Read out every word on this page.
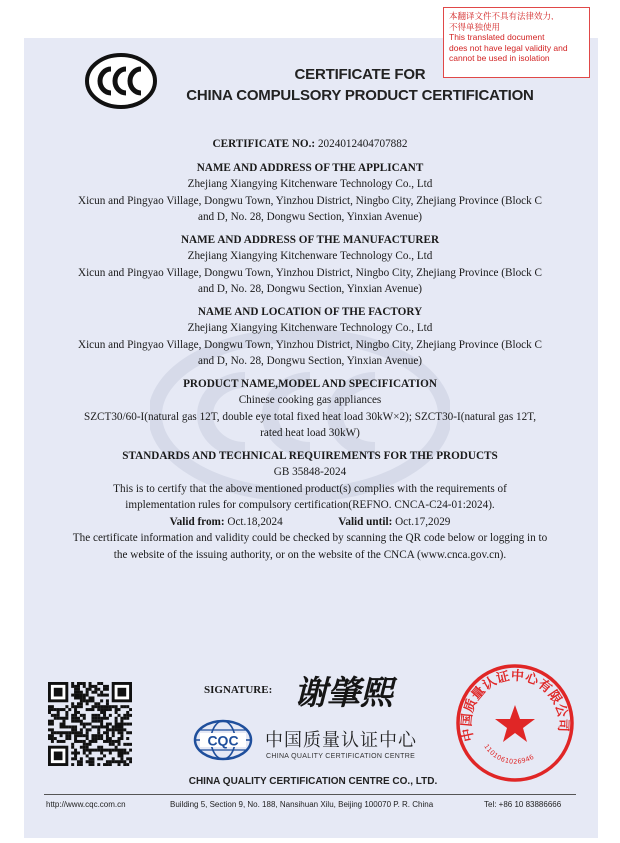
本翻译文件不具有法律效力,
不得单独使用
This translated document
does not have legal validity and
cannot be used in isolation
CERTIFICATE FOR
CHINA COMPULSORY PRODUCT CERTIFICATION
CERTIFICATE NO.: 2024012404707882
NAME AND ADDRESS OF THE APPLICANT
Zhejiang Xiangying Kitchenware Technology Co., Ltd
Xicun and Pingyao Village, Dongwu Town, Yinzhou District, Ningbo City, Zhejiang Province (Block C
and D, No. 28, Dongwu Section, Yinxian Avenue)
NAME AND ADDRESS OF THE MANUFACTURER
Zhejiang Xiangying Kitchenware Technology Co., Ltd
Xicun and Pingyao Village, Dongwu Town, Yinzhou District, Ningbo City, Zhejiang Province (Block C
and D, No. 28, Dongwu Section, Yinxian Avenue)
NAME AND LOCATION OF THE FACTORY
Zhejiang Xiangying Kitchenware Technology Co., Ltd
Xicun and Pingyao Village, Dongwu Town, Yinzhou District, Ningbo City, Zhejiang Province (Block C
and D, No. 28, Dongwu Section, Yinxian Avenue)
PRODUCT NAME,MODEL AND SPECIFICATION
Chinese cooking gas appliances
SZCT30/60-I(natural gas 12T, double eye total fixed heat load 30kW×2); SZCT30-I(natural gas 12T,
rated heat load 30kW)
STANDARDS AND TECHNICAL REQUIREMENTS FOR THE PRODUCTS
GB 35848-2024
This is to certify that the above mentioned product(s) complies with the requirements of
implementation rules for compulsory certification(REFNO. CNCA-C24-01:2024).
Valid from: Oct.18,2024	Valid until: Oct.17,2029
The certificate information and validity could be checked by scanning the QR code below or logging in to
the website of the issuing authority, or on the website of the CNCA (www.cnca.gov.cn).
SIGNATURE: 谢肇熙
CQC 中国质量认证中心
CHINA QUALITY CERTIFICATION CENTRE
CHINA QUALITY CERTIFICATION CENTRE CO., LTD.
中国质量认证中心有限公司
1101061026946
http://www.cqc.com.cn	Building 5, Section 9, No. 188, Nansihuan Xilu, Beijing 100070 P. R. China	Tel: +86 10 83886666
